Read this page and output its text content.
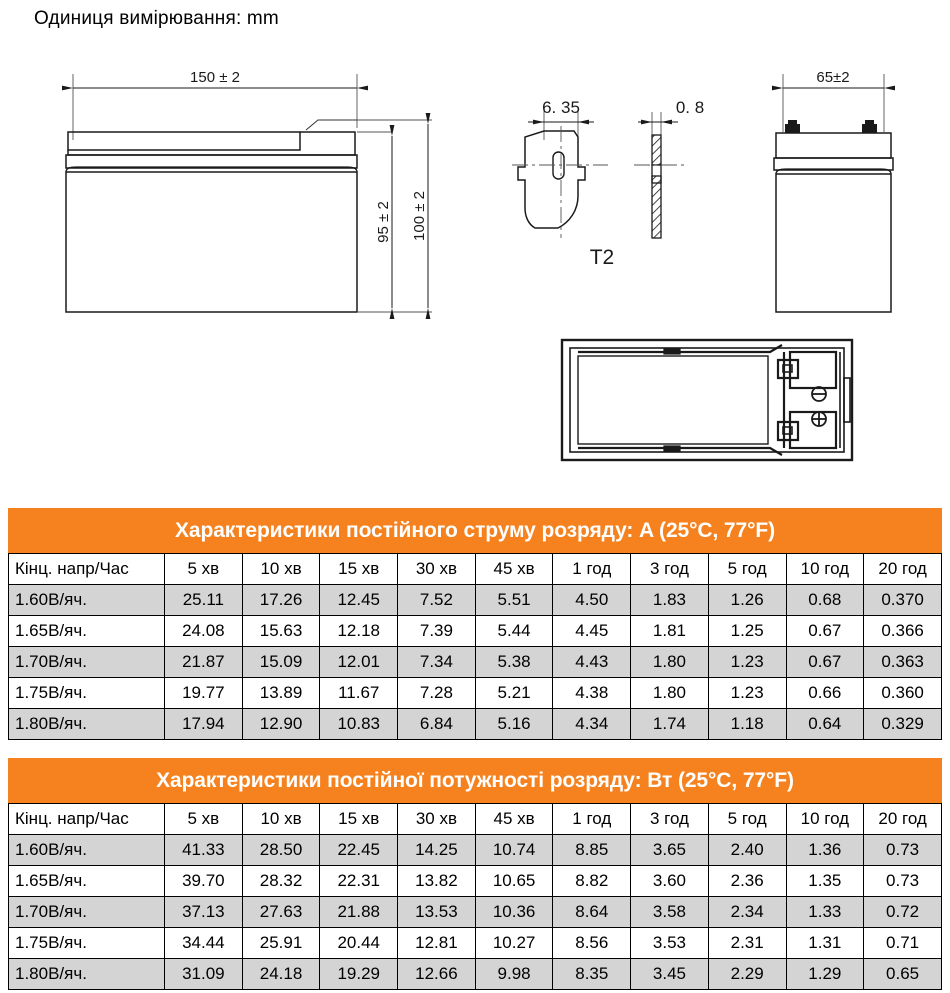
Одиниця вимірювання: mm
150 ± 2
95 ± 2 100 ± 2
6. 35	0. 8
T2
65±2
Характеристики постійного струму розряду: A (25°C, 77°F)
Кінц. напр/Час	5 хв	10 хв	15 хв	30 хв	45 хв	1 год	3 год	5 год	10 год	20 год
1.60В/яч.	25.11	17.26	12.45	7.52	5.51	4.50	1.83	1.26	0.68	0.370
1.65В/яч.	24.08	15.63	12.18	7.39	5.44	4.45	1.81	1.25	0.67	0.366
1.70В/яч.	21.87	15.09	12.01	7.34	5.38	4.43	1.80	1.23	0.67	0.363
1.75В/яч.	19.77	13.89	11.67	7.28	5.21	4.38	1.80	1.23	0.66	0.360
1.80В/яч.	17.94	12.90	10.83	6.84	5.16	4.34	1.74	1.18	0.64	0.329
Характеристики постійної потужності розряду: Вт (25°C, 77°F)
Кінц. напр/Час	5 хв	10 хв	15 хв	30 хв	45 хв	1 год	3 год	5 год	10 год	20 год
1.60В/яч.	41.33	28.50	22.45	14.25	10.74	8.85	3.65	2.40	1.36	0.73
1.65В/яч.	39.70	28.32	22.31	13.82	10.65	8.82	3.60	2.36	1.35	0.73
1.70В/яч.	37.13	27.63	21.88	13.53	10.36	8.64	3.58	2.34	1.33	0.72
1.75В/яч.	34.44	25.91	20.44	12.81	10.27	8.56	3.53	2.31	1.31	0.71
1.80В/яч.	31.09	24.18	19.29	12.66	9.98	8.35	3.45	2.29	1.29	0.65
